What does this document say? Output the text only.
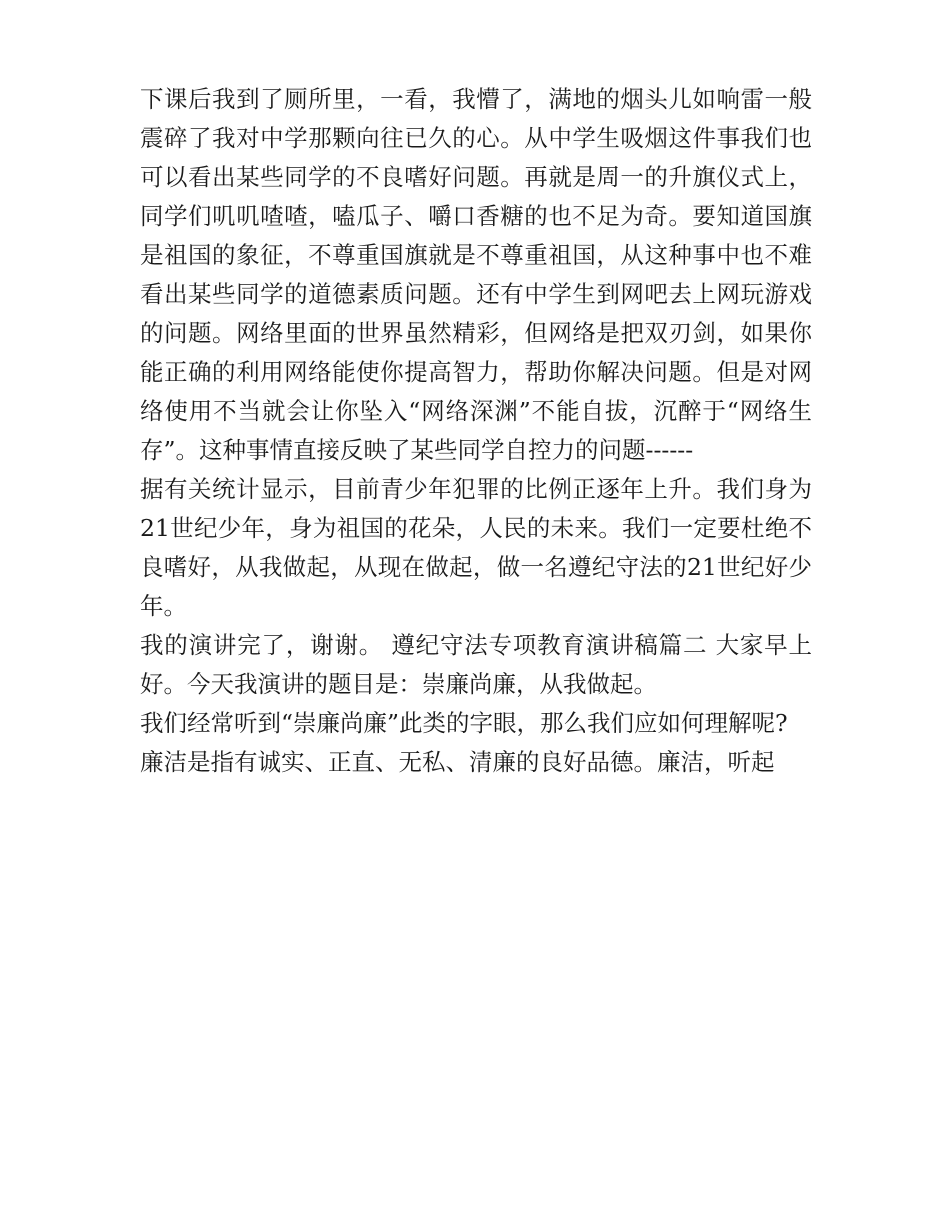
下课后我到了厕所里，一看，我懵了，满地的烟头儿如响雷一般震碎了我对中学那颗向往已久的心。从中学生吸烟这件事我们也可以看出某些同学的不良嗜好问题。再就是周一的升旗仪式上，同学们叽叽喳喳，嗑瓜子、嚼口香糖的也不足为奇。要知道国旗是祖国的象征，不尊重国旗就是不尊重祖国，从这种事中也不难看出某些同学的道德素质问题。还有中学生到网吧去上网玩游戏的问题。网络里面的世界虽然精彩，但网络是把双刃剑，如果你能正确的利用网络能使你提高智力，帮助你解决问题。但是对网络使用不当就会让你坠入“网络深渊”不能自拔，沉醉于“网络生存”。这种事情直接反映了某些同学自控力的问题------

据有关统计显示，目前青少年犯罪的比例正逐年上升。我们身为21世纪少年，身为祖国的花朵，人民的未来。我们一定要杜绝不良嗜好，从我做起，从现在做起，做一名遵纪守法的21世纪好少年。

我的演讲完了，谢谢。 遵纪守法专项教育演讲稿篇二 大家早上好。今天我演讲的题目是：崇廉尚廉，从我做起。

我们经常听到“崇廉尚廉”此类的字眼，那么我们应如何理解呢?

廉洁是指有诚实、正直、无私、清廉的良好品德。廉洁，听起
